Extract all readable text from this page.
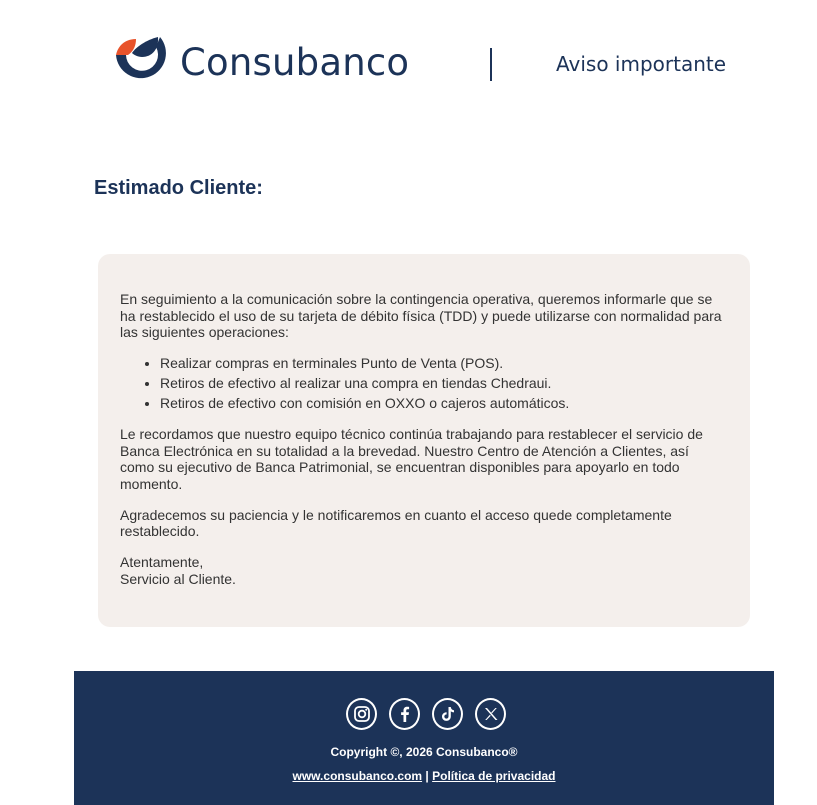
Consubanco	Aviso importante
Estimado Cliente:

En seguimiento a la comunicación sobre la contingencia operativa, queremos informarle que se ha restablecido el uso de su tarjeta de débito física (TDD) y puede utilizarse con normalidad para las siguientes operaciones:

• Realizar compras en terminales Punto de Venta (POS).
• Retiros de efectivo al realizar una compra en tiendas Chedraui.
• Retiros de efectivo con comisión en OXXO o cajeros automáticos.

Le recordamos que nuestro equipo técnico continúa trabajando para restablecer el servicio de Banca Electrónica en su totalidad a la brevedad. Nuestro Centro de Atención a Clientes, así como su ejecutivo de Banca Patrimonial, se encuentran disponibles para apoyarlo en todo momento.

Agradecemos su paciencia y le notificaremos en cuanto el acceso quede completamente restablecido.

Atentamente,

Servicio al Cliente.

Copyright ©, 2026 Consubanco®
www.consubanco.com | Política de privacidad
